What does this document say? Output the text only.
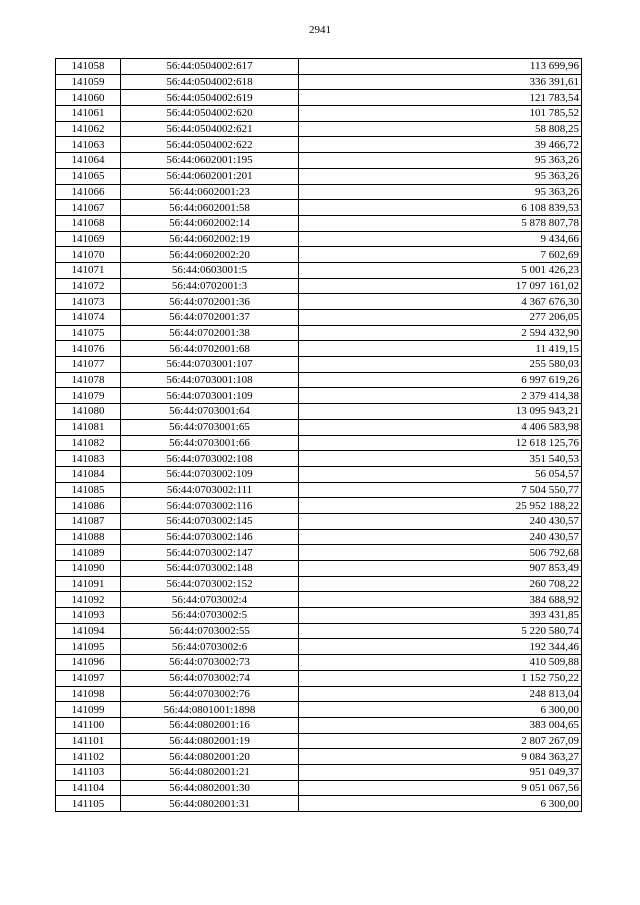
2941
141058	56:44:0504002:617	113 699,96
141059	56:44:0504002:618	336 391,61
141060	56:44:0504002:619	121 783,54
141061	56:44:0504002:620	101 785,52
141062	56:44:0504002:621	58 808,25
141063	56:44:0504002:622	39 466,72
141064	56:44:0602001:195	95 363,26
141065	56:44:0602001:201	95 363,26
141066	56:44:0602001:23	95 363,26
141067	56:44:0602001:58	6 108 839,53
141068	56:44:0602002:14	5 878 807,78
141069	56:44:0602002:19	9 434,66
141070	56:44:0602002:20	7 602,69
141071	56:44:0603001:5	5 001 426,23
141072	56:44:0702001:3	17 097 161,02
141073	56:44:0702001:36	4 367 676,30
141074	56:44:0702001:37	277 206,05
141075	56:44:0702001:38	2 594 432,90
141076	56:44:0702001:68	11 419,15
141077	56:44:0703001:107	255 580,03
141078	56:44:0703001:108	6 997 619,26
141079	56:44:0703001:109	2 379 414,38
141080	56:44:0703001:64	13 095 943,21
141081	56:44:0703001:65	4 406 583,98
141082	56:44:0703001:66	12 618 125,76
141083	56:44:0703002:108	351 540,53
141084	56:44:0703002:109	56 054,57
141085	56:44:0703002:111	7 504 550,77
141086	56:44:0703002:116	25 952 188,22
141087	56:44:0703002:145	240 430,57
141088	56:44:0703002:146	240 430,57
141089	56:44:0703002:147	506 792,68
141090	56:44:0703002:148	907 853,49
141091	56:44:0703002:152	260 708,22
141092	56:44:0703002:4	384 688,92
141093	56:44:0703002:5	393 431,85
141094	56:44:0703002:55	5 220 580,74
141095	56:44:0703002:6	192 344,46
141096	56:44:0703002:73	410 509,88
141097	56:44:0703002:74	1 152 750,22
141098	56:44:0703002:76	248 813,04
141099	56:44:0801001:1898	6 300,00
141100	56:44:0802001:16	383 004,65
141101	56:44:0802001:19	2 807 267,09
141102	56:44:0802001:20	9 084 363,27
141103	56:44:0802001:21	951 049,37
141104	56:44:0802001:30	9 051 067,56
141105	56:44:0802001:31	6 300,00
